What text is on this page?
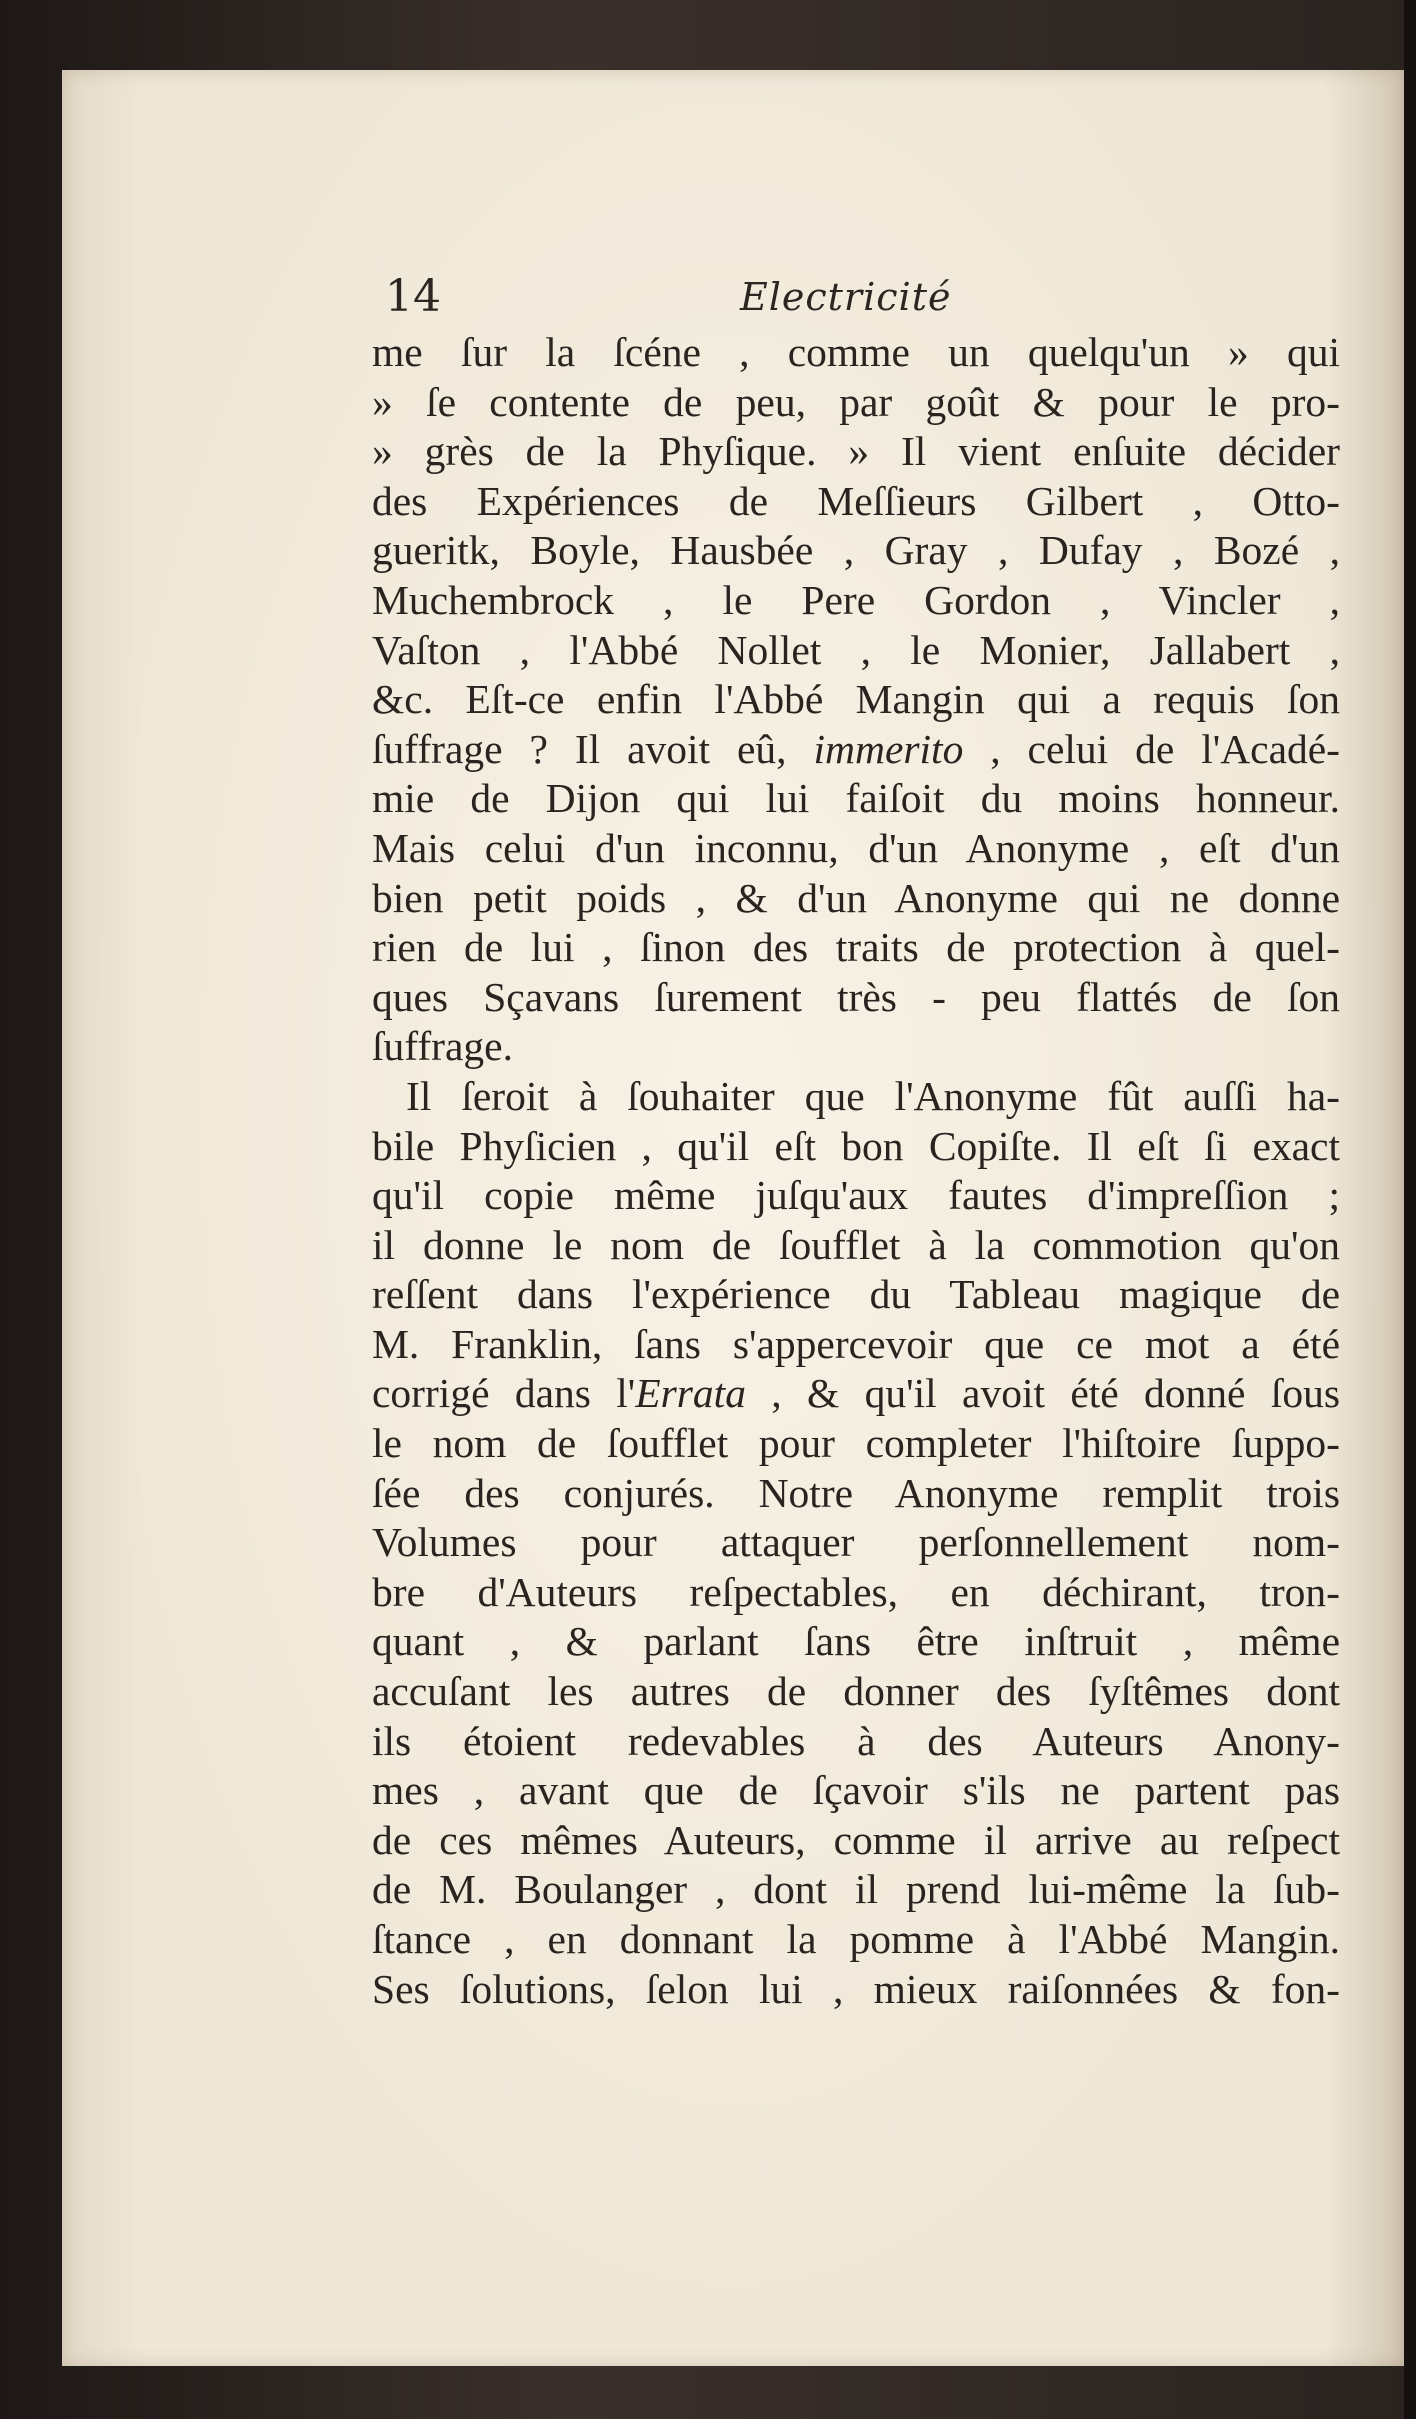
14	Electricité

me ſur la ſcéne , comme un quelqu'un » qui

» ſe contente de peu, par goût & pour le pro-

» grès de la Phyſique. » Il vient enſuite décider

des Expériences de Meſſieurs Gilbert , Otto-

gueritk, Boyle, Hausbée , Gray , Dufay , Bozé ,

Muchembrock , le Pere Gordon , Vincler ,

Vaſton , l'Abbé Nollet , le Monier, Jallabert ,

&c. Eſt-ce enfin l'Abbé Mangin qui a requis ſon

ſuffrage ? Il avoit eû, immerito , celui de l'Acadé-

mie de Dijon qui lui faiſoit du moins honneur.

Mais celui d'un inconnu, d'un Anonyme , eſt d'un

bien petit poids , & d'un Anonyme qui ne donne

rien de lui , ſinon des traits de protection à quel-

ques Sçavans ſurement très - peu flattés de ſon

ſuffrage.

Il ſeroit à ſouhaiter que l'Anonyme fût auſſi ha-

bile Phyſicien , qu'il eſt bon Copiſte. Il eſt ſi exact

qu'il copie même juſqu'aux fautes d'impreſſion ;

il donne le nom de ſoufflet à la commotion qu'on

reſſent dans l'expérience du Tableau magique de

M. Franklin, ſans s'appercevoir que ce mot a été

corrigé dans l'Errata , & qu'il avoit été donné ſous

le nom de ſoufflet pour completer l'hiſtoire ſuppo-

ſée des conjurés. Notre Anonyme remplit trois

Volumes pour attaquer perſonnellement nom-

bre d'Auteurs reſpectables, en déchirant, tron-

quant , & parlant ſans être inſtruit , même

accuſant les autres de donner des ſyſtêmes dont

ils étoient redevables à des Auteurs Anony-

mes , avant que de ſçavoir s'ils ne partent pas

de ces mêmes Auteurs, comme il arrive au reſpect

de M. Boulanger , dont il prend lui-même la ſub-

ſtance , en donnant la pomme à l'Abbé Mangin.

Ses ſolutions, ſelon lui , mieux raiſonnées & fon-
